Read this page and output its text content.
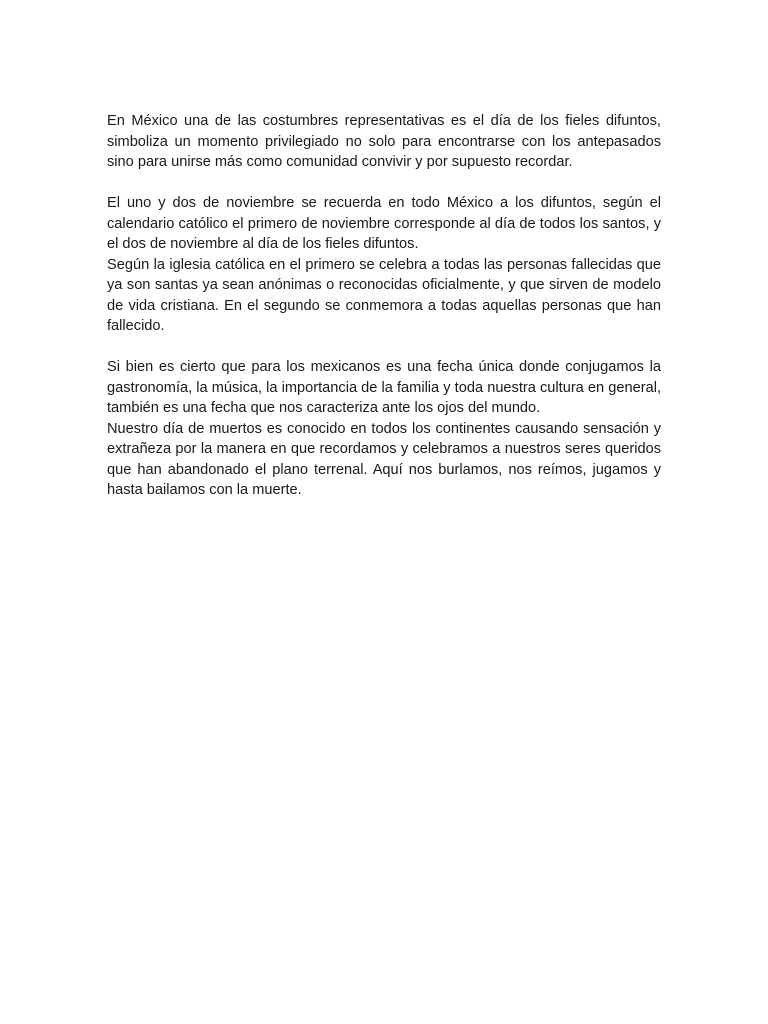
En México una de las costumbres representativas es el día de los fieles difuntos, simboliza un momento privilegiado no solo para encontrarse con los antepasados sino para unirse más como comunidad convivir y por supuesto recordar.

El uno y dos de noviembre se recuerda en todo México a los difuntos, según el calendario católico el primero de noviembre corresponde al día de todos los santos, y el dos de noviembre al día de los fieles difuntos.

Según la iglesia católica en el primero se celebra a todas las personas fallecidas que ya son santas ya sean anónimas o reconocidas oficialmente, y que sirven de modelo de vida cristiana. En el segundo se conmemora a todas aquellas personas que han fallecido.

Si bien es cierto que para los mexicanos es una fecha única donde conjugamos la gastronomía, la música, la importancia de la familia y toda nuestra cultura en general, también es una fecha que nos caracteriza ante los ojos del mundo.

Nuestro día de muertos es conocido en todos los continentes causando sensación y extrañeza por la manera en que recordamos y celebramos a nuestros seres queridos que han abandonado el plano terrenal. Aquí nos burlamos, nos reímos, jugamos y hasta bailamos con la muerte.
